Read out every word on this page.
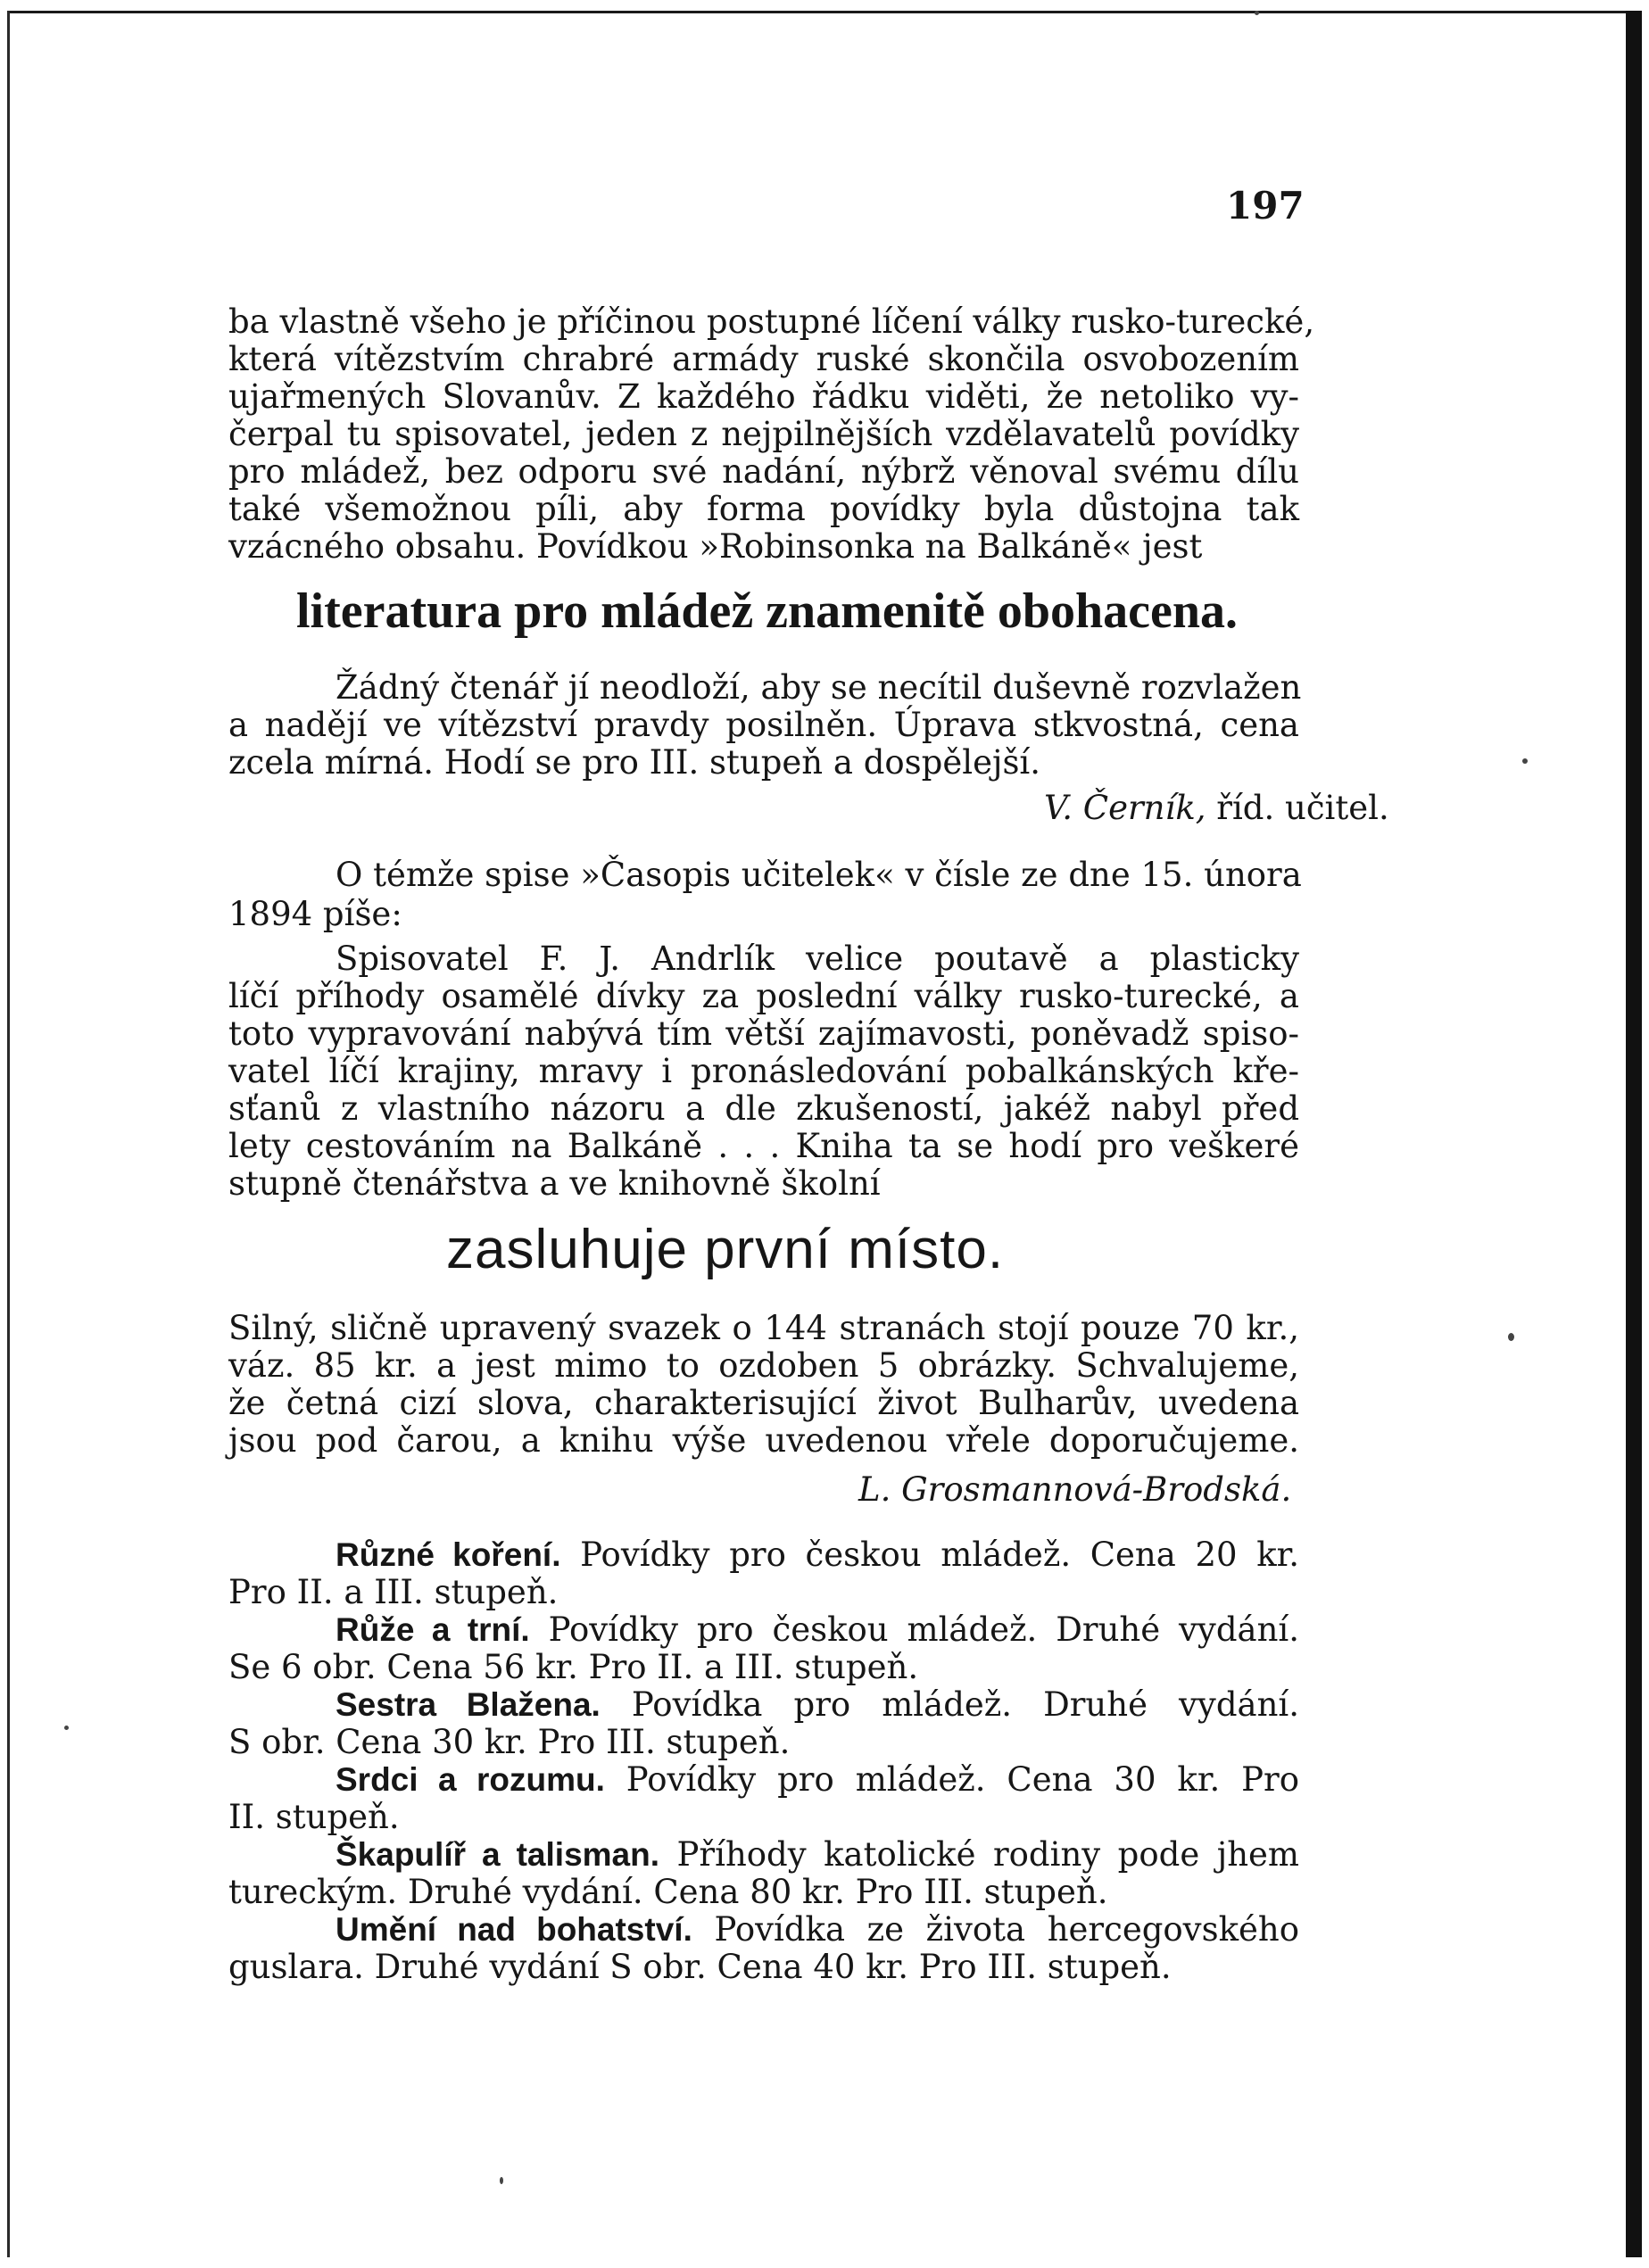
197
ba vlastně všeho je příčinou postupné líčení války rusko-turecké,
která vítězstvím chrabré armády ruské skončila osvobozením
ujařmených Slovanův. Z každého řádku viděti, že netoliko vy-
čerpal tu spisovatel, jeden z nejpilnějších vzdělavatelů povídky
pro mládež, bez odporu své nadání, nýbrž věnoval svému dílu
také všemožnou píli, aby forma povídky byla důstojna tak
vzácného obsahu. Povídkou »Robinsonka na Balkáně« jest
literatura pro mládež znamenitě obohacena.
Žádný čtenář jí neodloží, aby se necítil duševně rozvlažen
a nadějí ve vítězství pravdy posilněn. Úprava stkvostná, cena
zcela mírná. Hodí se pro III. stupeň a dospělejší.
V. Černík, říd. učitel.
O témže spise »Časopis učitelek« v čísle ze dne 15. února
1894 píše:
Spisovatel F. J. Andrlík velice poutavě a plasticky
líčí příhody osamělé dívky za poslední války rusko-turecké, a
toto vypravování nabývá tím větší zajímavosti, poněvadž spiso-
vatel líčí krajiny, mravy i pronásledování pobalkánských kře-
sťanů z vlastního názoru a dle zkušeností, jakéž nabyl před
lety cestováním na Balkáně . . . Kniha ta se hodí pro veškeré
stupně čtenářstva a ve knihovně školní
zasluhuje první místo.
Silný, sličně upravený svazek o 144 stranách stojí pouze 70 kr.,
váz. 85 kr. a jest mimo to ozdoben 5 obrázky. Schvalujeme,
že četná cizí slova, charakterisující život Bulharův, uvedena
jsou pod čarou, a knihu výše uvedenou vřele doporučujeme.
L. Grosmannová-Brodská.
Různé koření. Povídky pro českou mládež. Cena 20 kr.
Pro II. a III. stupeň.
Růže a trní. Povídky pro českou mládež. Druhé vydání.
Se 6 obr. Cena 56 kr. Pro II. a III. stupeň.
Sestra Blažena. Povídka pro mládež. Druhé vydání.
S obr. Cena 30 kr. Pro III. stupeň.
Srdci a rozumu. Povídky pro mládež. Cena 30 kr. Pro
II. stupeň.
Škapulíř a talisman. Příhody katolické rodiny pode jhem
tureckým. Druhé vydání. Cena 80 kr. Pro III. stupeň.
Umění nad bohatství. Povídka ze života hercegovského
guslara. Druhé vydání S obr. Cena 40 kr. Pro III. stupeň.
